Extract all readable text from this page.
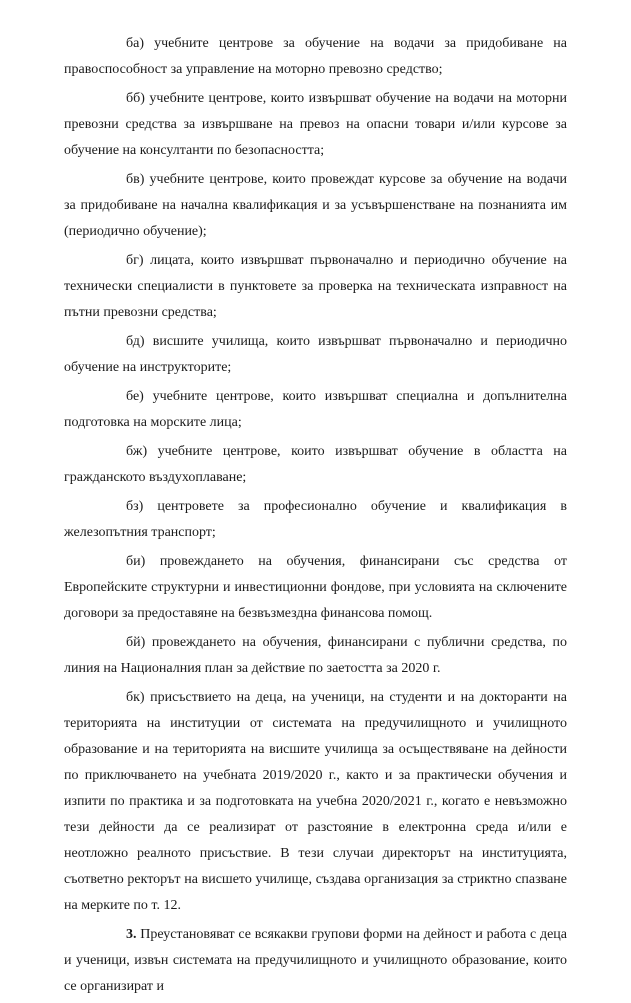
ба) учебните центрове за обучение на водачи за придобиване на правоспособност за управление на моторно превозно средство;

бб) учебните центрове, които извършват обучение на водачи на моторни превозни средства за извършване на превоз на опасни товари и/или курсове за обучение на консултанти по безопасността;

бв) учебните центрове, които провеждат курсове за обучение на водачи за придобиване на начална квалификация и за усъвършенстване на познанията им (периодично обучение);

бг) лицата, които извършват първоначално и периодично обучение на технически специалисти в пунктовете за проверка на техническата изправност на пътни превозни средства;

бд) висшите училища, които извършват първоначално и периодично обучение на инструкторите;

бе) учебните центрове, които извършват специална и допълнителна подготовка на морските лица;

бж) учебните центрове, които извършват обучение в областта на гражданското въздухоплаване;

бз) центровете за професионално обучение и квалификация в железопътния транспорт;

би) провеждането на обучения, финансирани със средства от Европейските структурни и инвестиционни фондове, при условията на сключените договори за предоставяне на безвъзмездна финансова помощ.

бй) провеждането на обучения, финансирани с публични средства, по линия на Националния план за действие по заетостта за 2020 г.

бк) присъствието на деца, на ученици, на студенти и на докторанти на територията на институции от системата на предучилищното и училищното образование и на територията на висшите училища за осъществяване на дейности по приключването на учебната 2019/2020 г., както и за практически обучения и изпити по практика и за подготовката на учебна 2020/2021 г., когато е невъзможно тези дейности да се реализират от разстояние в електронна среда и/или е неотложно реалното присъствие. В тези случаи директорът на институцията, съответно ректорът на висшето училище, създава организация за стриктно спазване на мерките по т. 12.

3. Преустановяват се всякакви групови форми на дейност и работа с деца и ученици, извън системата на предучилищното и училищното образование, които се организират и
